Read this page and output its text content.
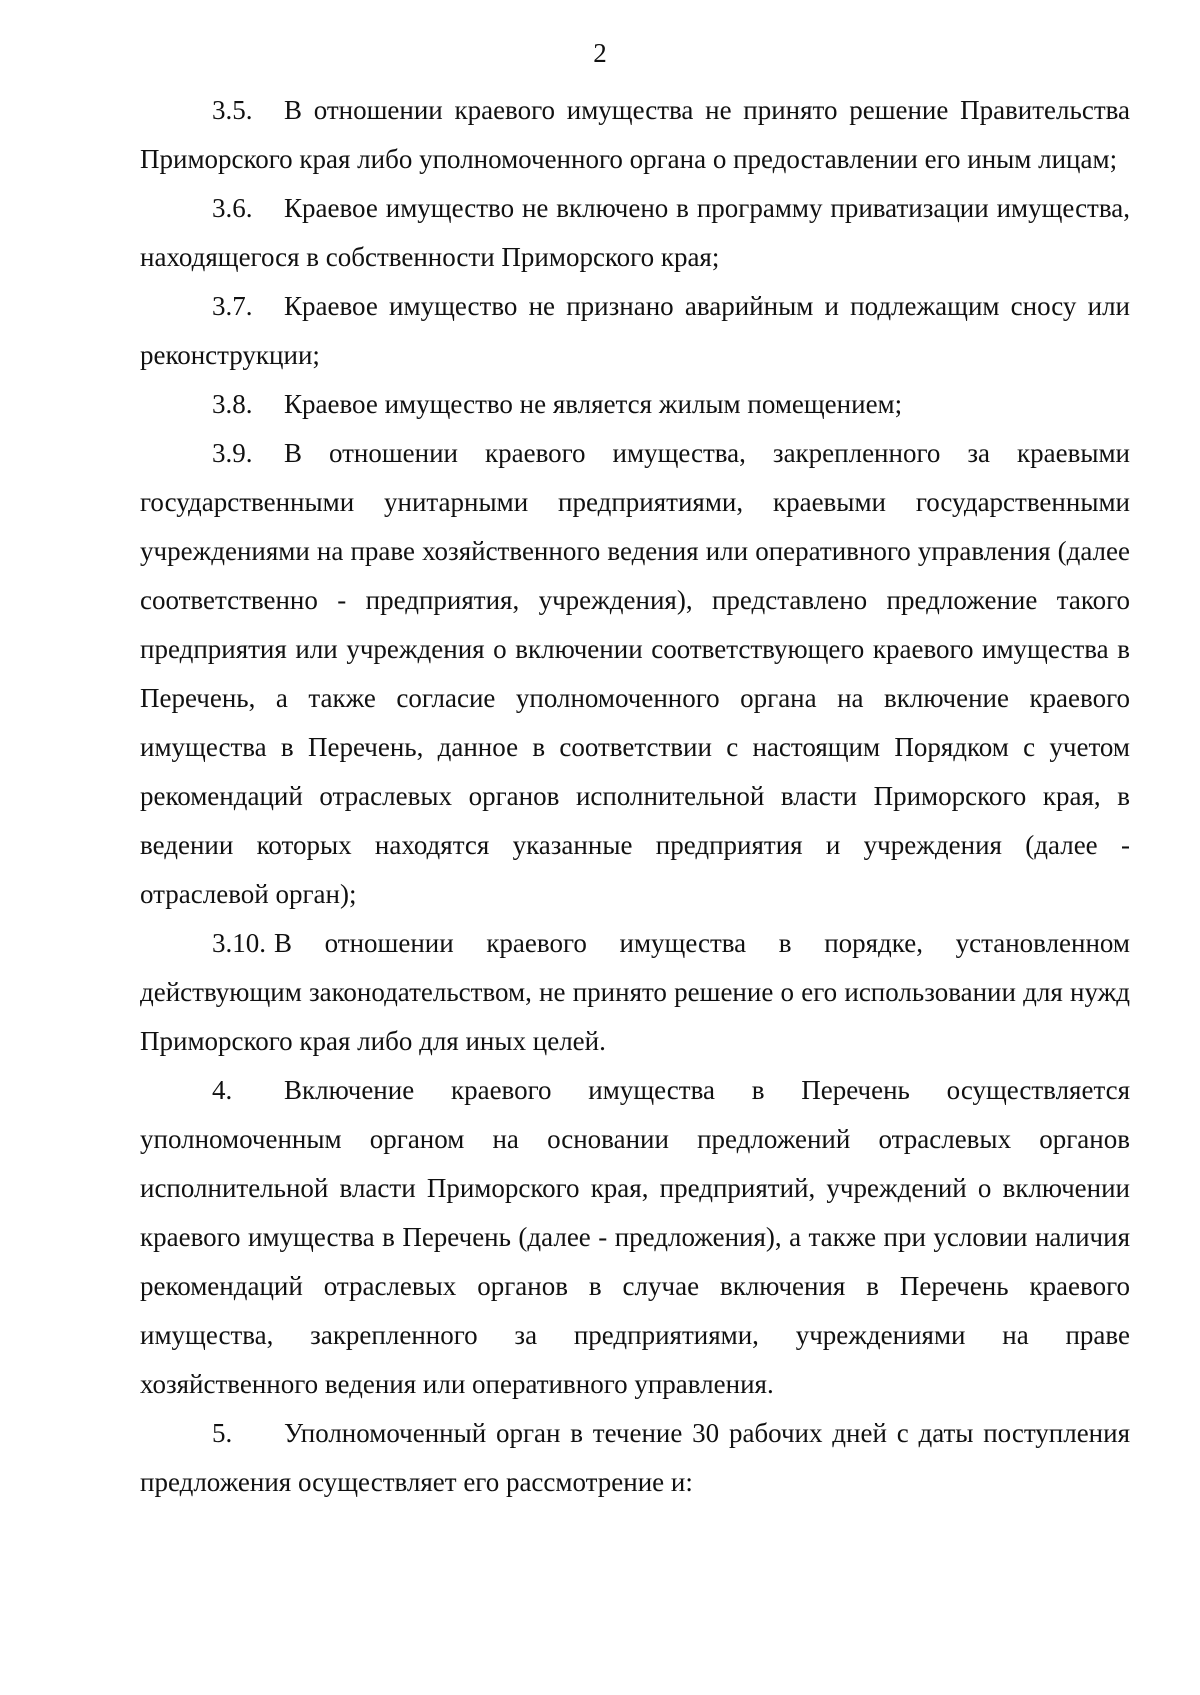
2

3.5. В отношении краевого имущества не принято решение Правительства Приморского края либо уполномоченного органа о предоставлении его иным лицам;

3.6. Краевое имущество не включено в программу приватизации имущества, находящегося в собственности Приморского края;

3.7. Краевое имущество не признано аварийным и подлежащим сносу или реконструкции;

3.8. Краевое имущество не является жилым помещением;

3.9. В отношении краевого имущества, закрепленного за краевыми государственными унитарными предприятиями, краевыми государственными учреждениями на праве хозяйственного ведения или оперативного управления (далее соответственно - предприятия, учреждения), представлено предложение такого предприятия или учреждения о включении соответствующего краевого имущества в Перечень, а также согласие уполномоченного органа на включение краевого имущества в Перечень, данное в соответствии с настоящим Порядком с учетом рекомендаций отраслевых органов исполнительной власти Приморского края, в ведении которых находятся указанные предприятия и учреждения (далее - отраслевой орган);

3.10. В отношении краевого имущества в порядке, установленном действующим законодательством, не принято решение о его использовании для нужд Приморского края либо для иных целей.

4. Включение краевого имущества в Перечень осуществляется уполномоченным органом на основании предложений отраслевых органов исполнительной власти Приморского края, предприятий, учреждений о включении краевого имущества в Перечень (далее - предложения), а также при условии наличия рекомендаций отраслевых органов в случае включения в Перечень краевого имущества, закрепленного за предприятиями, учреждениями на праве хозяйственного ведения или оперативного управления.

5. Уполномоченный орган в течение 30 рабочих дней с даты поступления предложения осуществляет его рассмотрение и:
